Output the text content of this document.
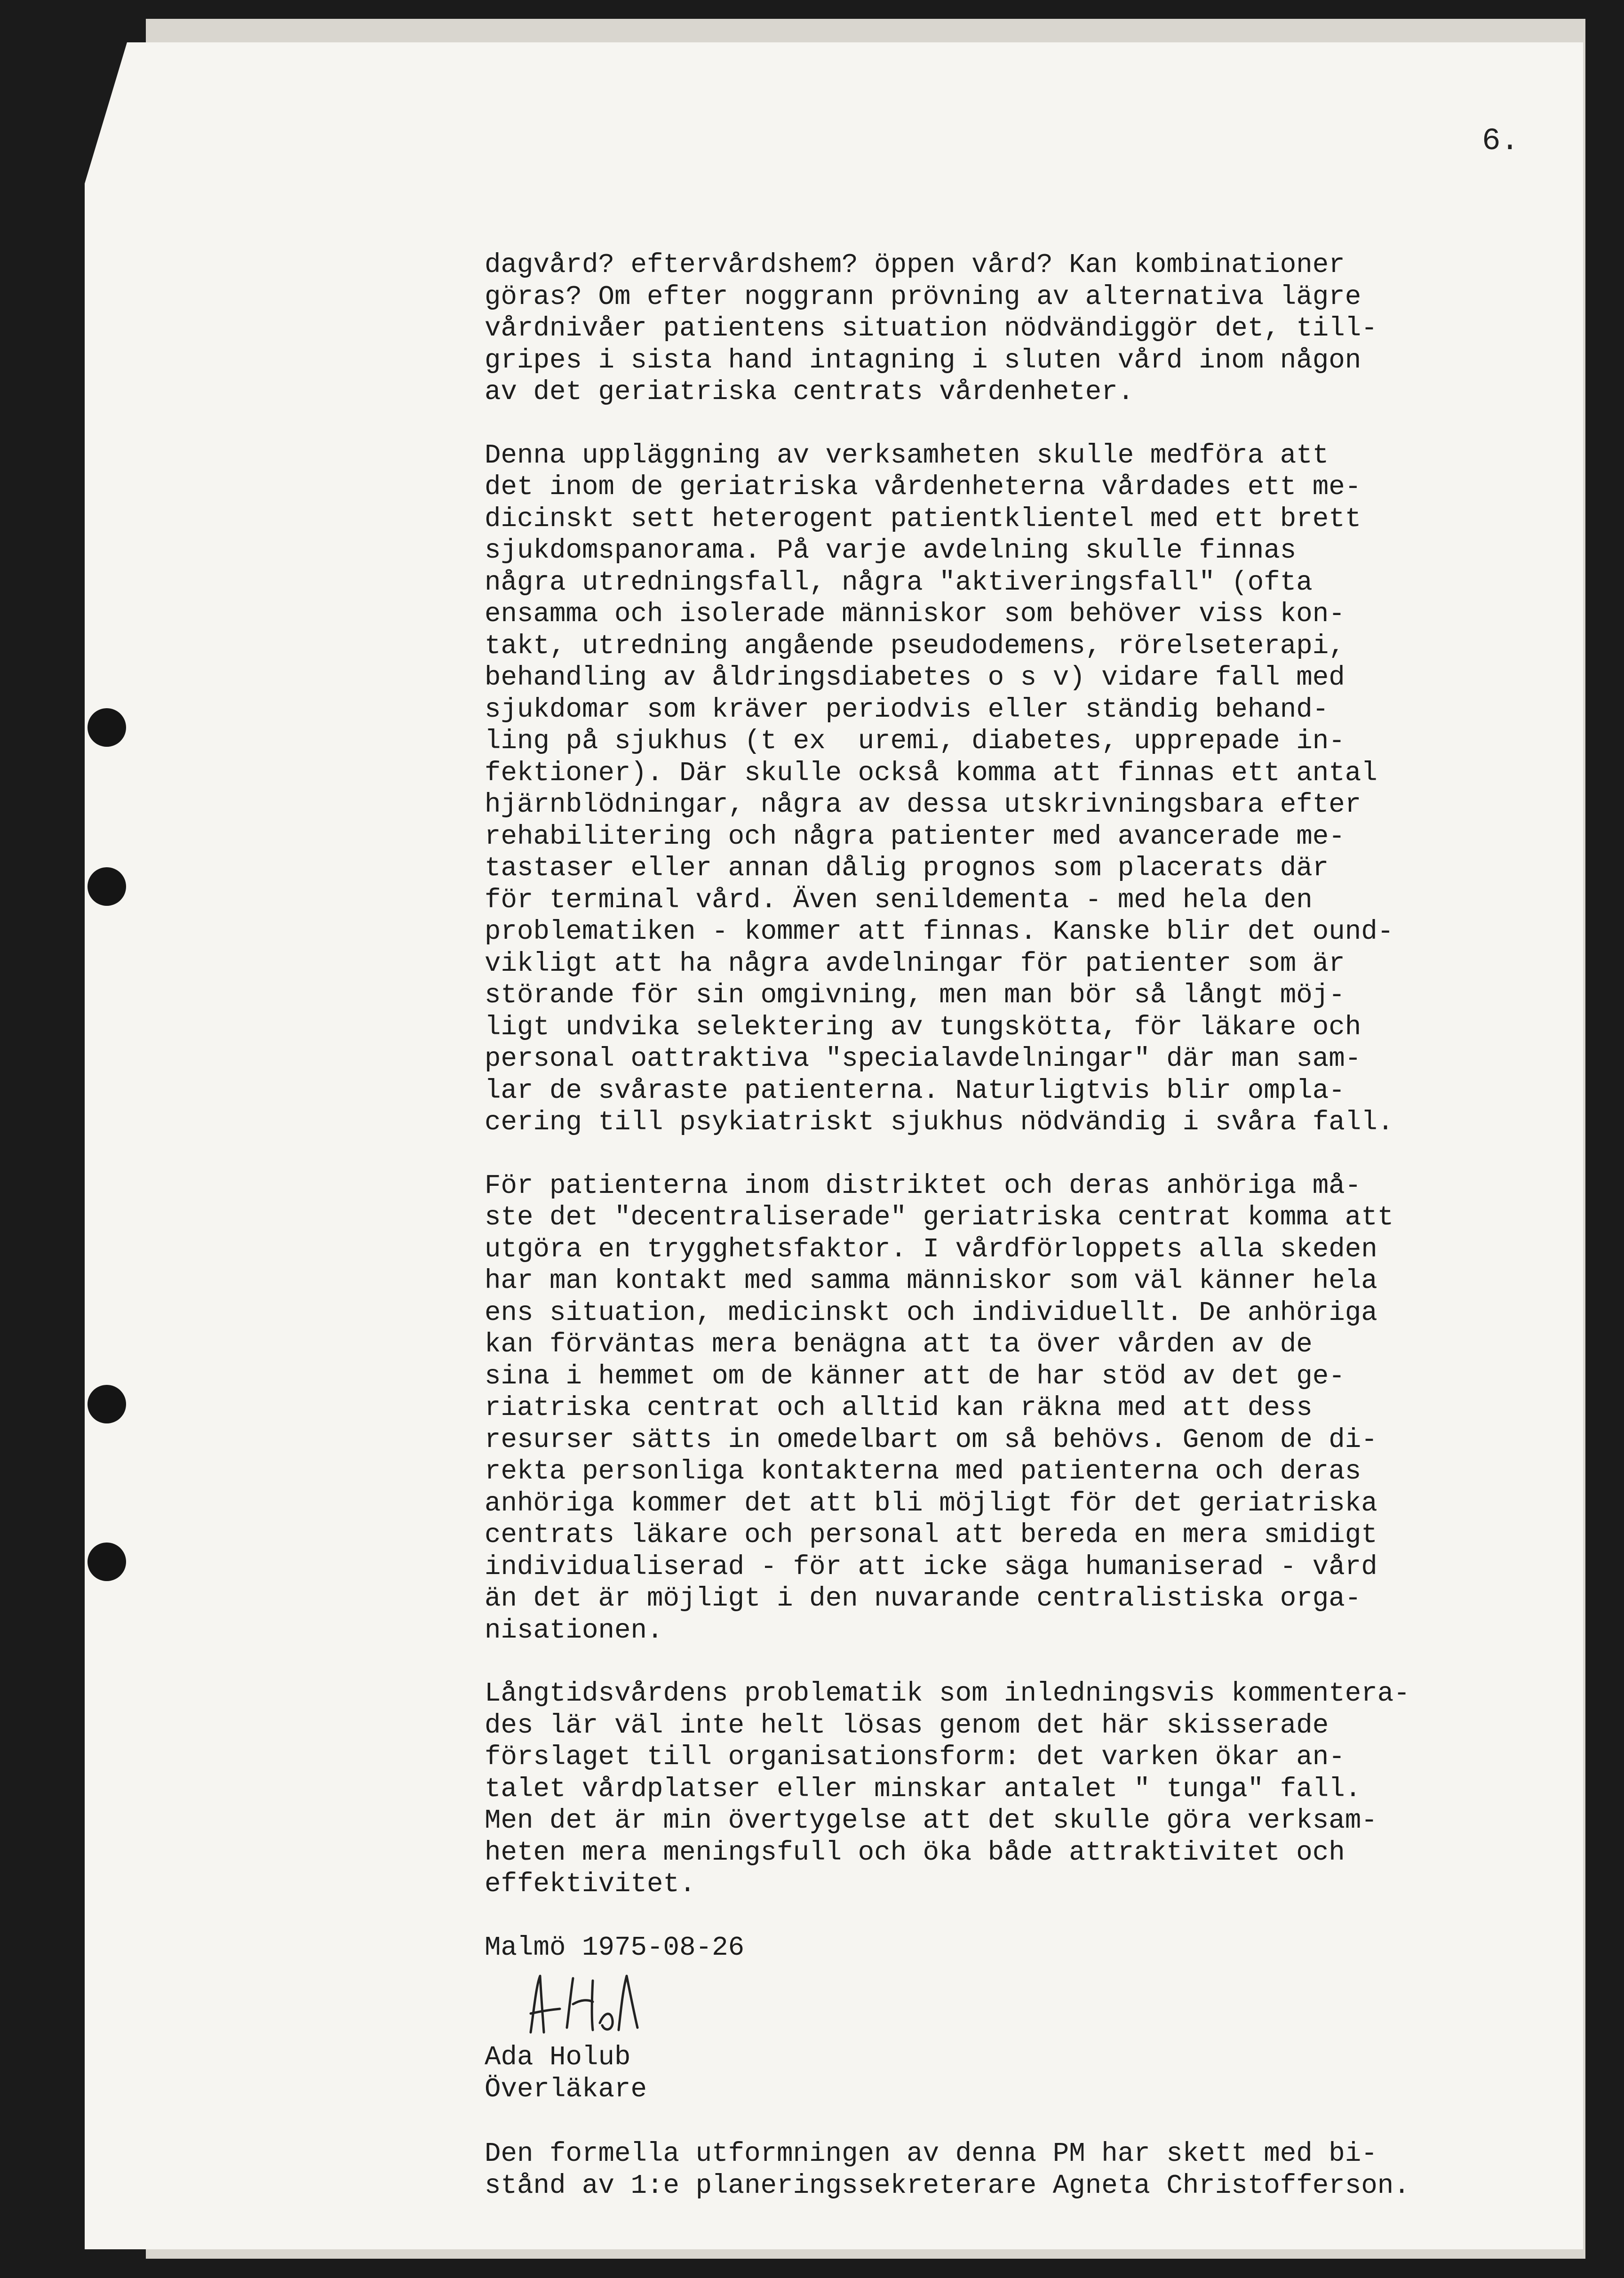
6.
dagvård? eftervårdshem? öppen vård? Kan kombinationer
göras? Om efter noggrann prövning av alternativa lägre
vårdnivåer patientens situation nödvändiggör det, till-
gripes i sista hand intagning i sluten vård inom någon
av det geriatriska centrats vårdenheter.
Denna uppläggning av verksamheten skulle medföra att
det inom de geriatriska vårdenheterna vårdades ett me-
dicinskt sett heterogent patientklientel med ett brett
sjukdomspanorama. På varje avdelning skulle finnas
några utredningsfall, några "aktiveringsfall" (ofta
ensamma och isolerade människor som behöver viss kon-
takt, utredning angående pseudodemens, rörelseterapi,
behandling av åldringsdiabetes o s v) vidare fall med
sjukdomar som kräver periodvis eller ständig behand-
ling på sjukhus (t ex  uremi, diabetes, upprepade in-
fektioner). Där skulle också komma att finnas ett antal
hjärnblödningar, några av dessa utskrivningsbara efter
rehabilitering och några patienter med avancerade me-
tastaser eller annan dålig prognos som placerats där
för terminal vård. Även senildementa - med hela den
problematiken - kommer att finnas. Kanske blir det ound-
vikligt att ha några avdelningar för patienter som är
störande för sin omgivning, men man bör så långt möj-
ligt undvika selektering av tungskötta, för läkare och
personal oattraktiva "specialavdelningar" där man sam-
lar de svåraste patienterna. Naturligtvis blir ompla-
cering till psykiatriskt sjukhus nödvändig i svåra fall.
För patienterna inom distriktet och deras anhöriga må-
ste det "decentraliserade" geriatriska centrat komma att
utgöra en trygghetsfaktor. I vårdförloppets alla skeden
har man kontakt med samma människor som väl känner hela
ens situation, medicinskt och individuellt. De anhöriga
kan förväntas mera benägna att ta över vården av de
sina i hemmet om de känner att de har stöd av det ge-
riatriska centrat och alltid kan räkna med att dess
resurser sätts in omedelbart om så behövs. Genom de di-
rekta personliga kontakterna med patienterna och deras
anhöriga kommer det att bli möjligt för det geriatriska
centrats läkare och personal att bereda en mera smidigt
individualiserad - för att icke säga humaniserad - vård
än det är möjligt i den nuvarande centralistiska orga-
nisationen.
Långtidsvårdens problematik som inledningsvis kommentera-
des lär väl inte helt lösas genom det här skisserade
förslaget till organisationsform: det varken ökar an-
talet vårdplatser eller minskar antalet " tunga" fall.
Men det är min övertygelse att det skulle göra verksam-
heten mera meningsfull och öka både attraktivitet och
effektivitet.
Malmö 1975-08-26
Ada Holub
Överläkare
Den formella utformningen av denna PM har skett med bi-
stånd av 1:e planeringssekreterare Agneta Christofferson.
